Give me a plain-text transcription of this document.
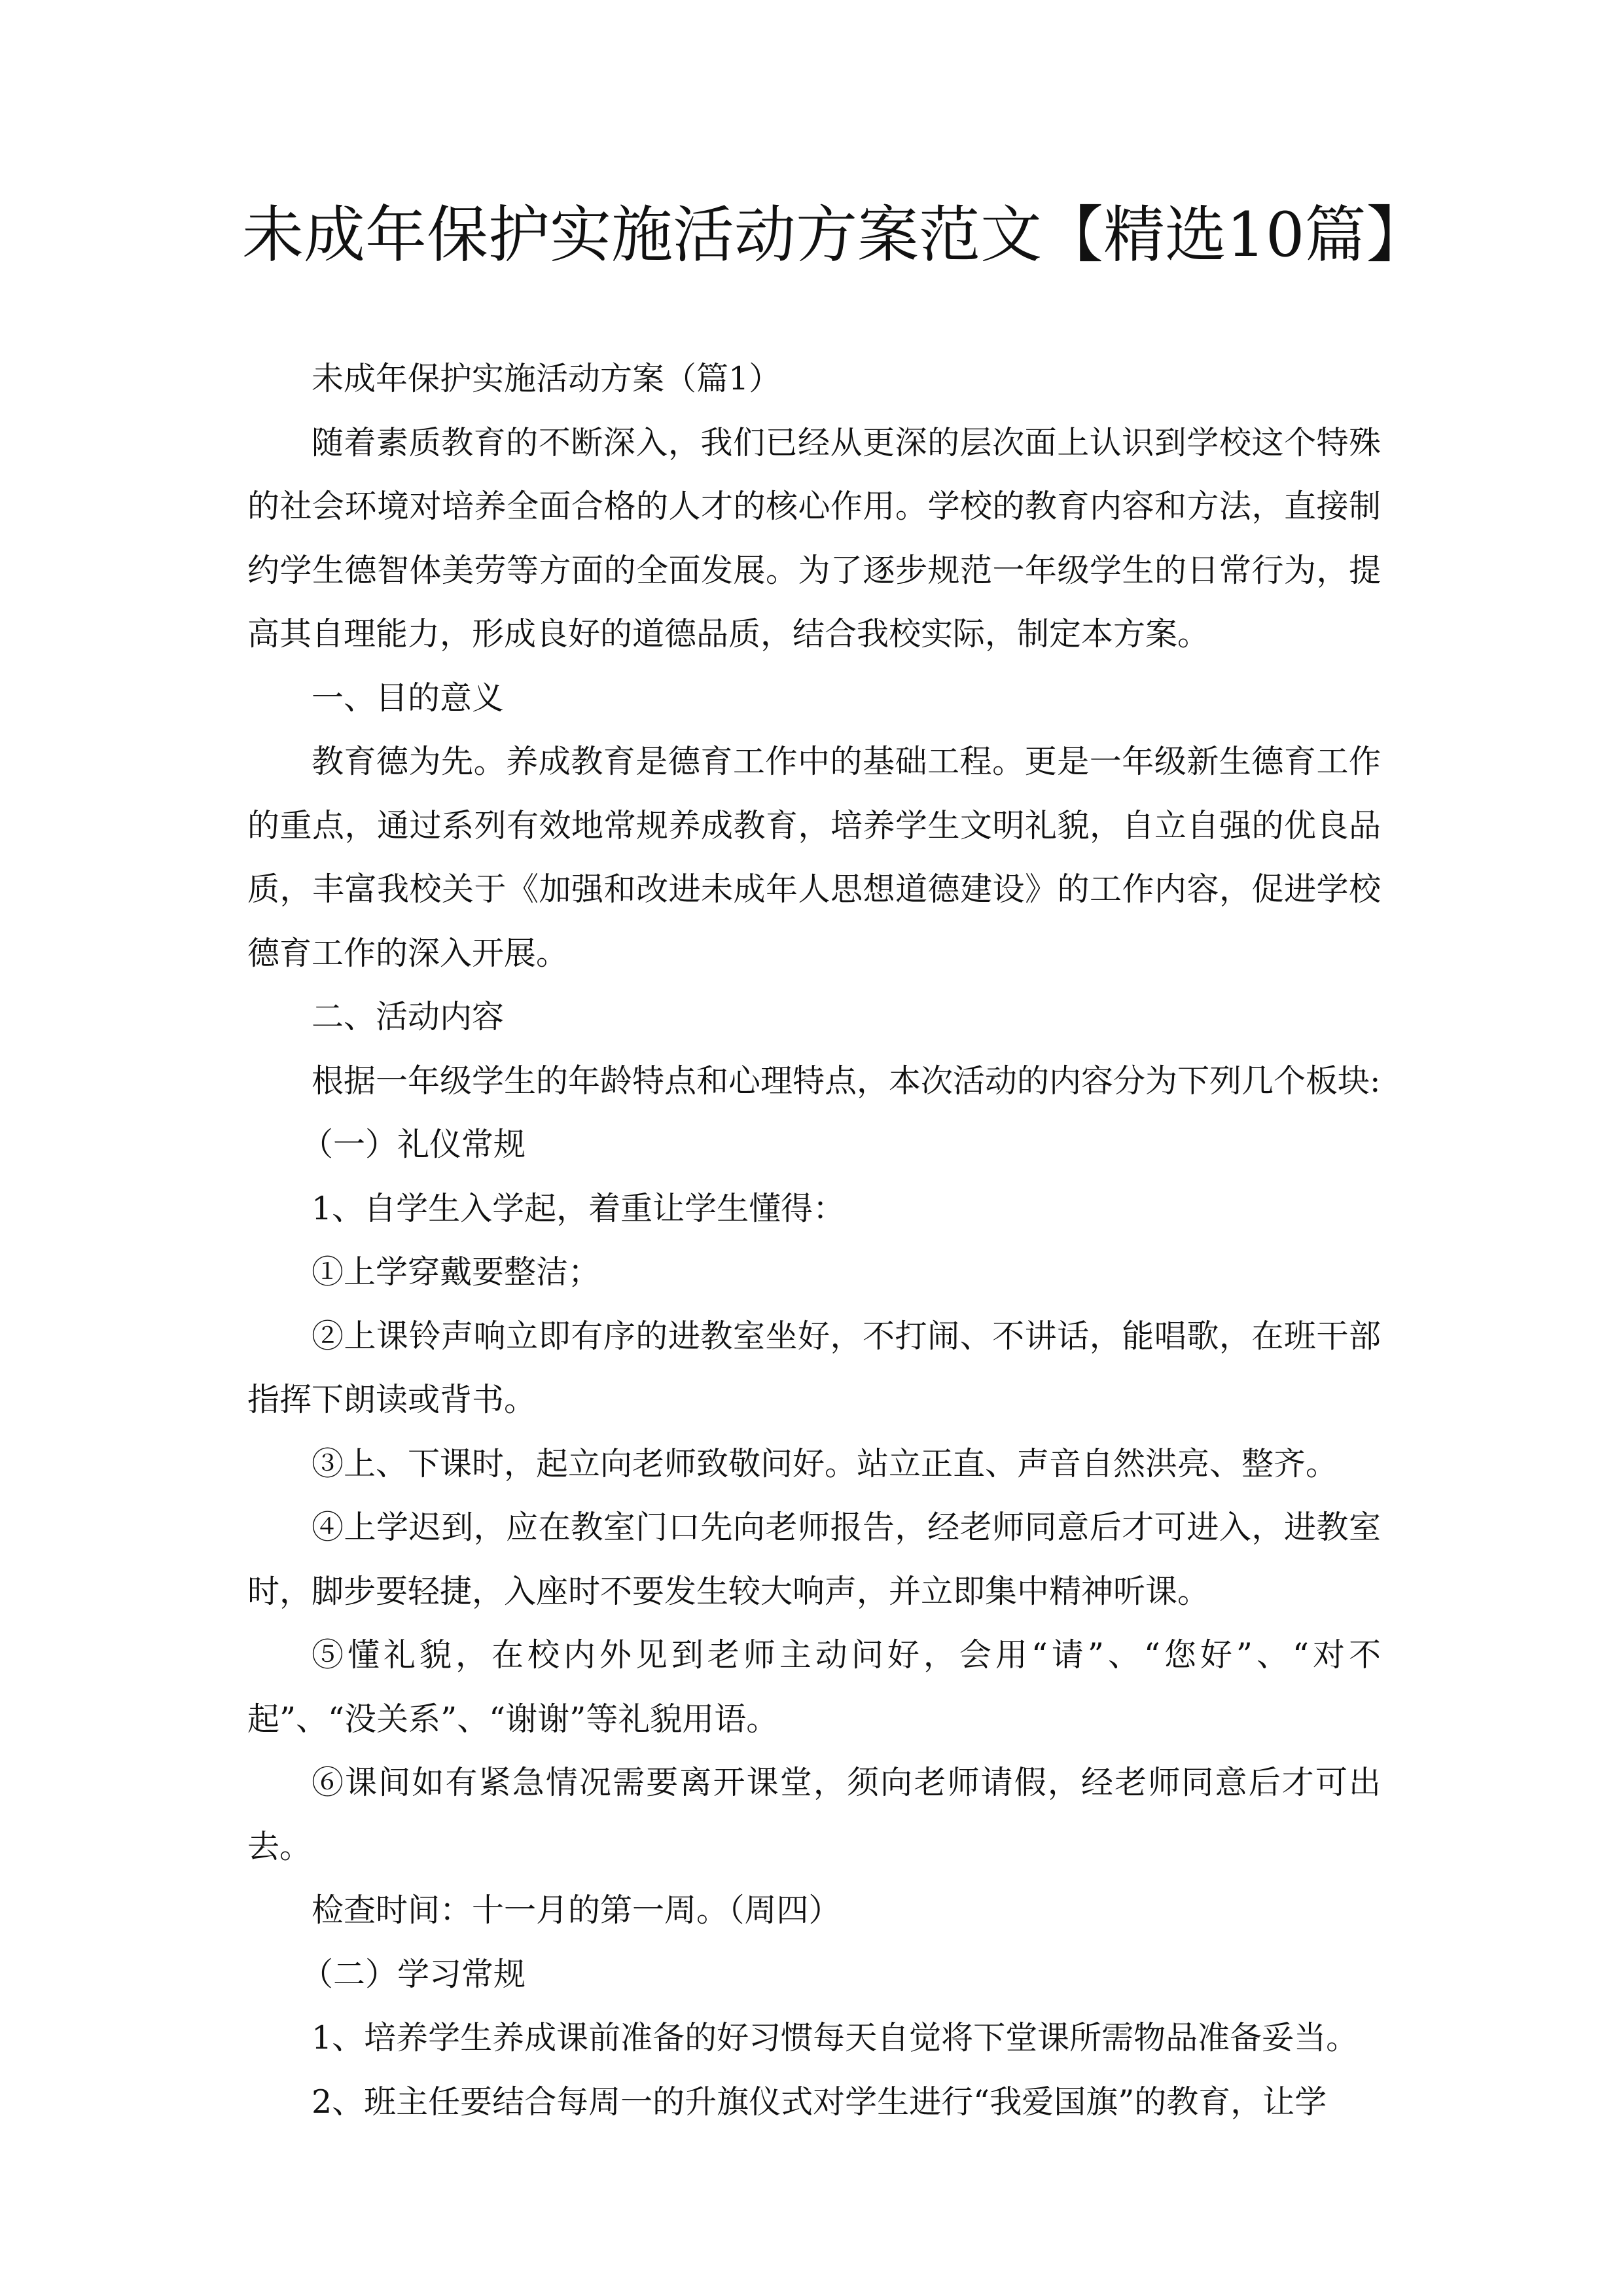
未成年保护实施活动方案范文【精选10篇】

未成年保护实施活动方案（篇1）

随着素质教育的不断深入，我们已经从更深的层次面上认识到学校这个特殊的社会环境对培养全面合格的人才的核心作用。学校的教育内容和方法，直接制约学生德智体美劳等方面的全面发展。为了逐步规范一年级学生的日常行为，提高其自理能力，形成良好的道德品质，结合我校实际，制定本方案。

一、目的意义

教育德为先。养成教育是德育工作中的基础工程。更是一年级新生德育工作的重点，通过系列有效地常规养成教育，培养学生文明礼貌，自立自强的优良品质，丰富我校关于《加强和改进未成年人思想道德建设》的工作内容，促进学校德育工作的深入开展。

二、活动内容

根据一年级学生的年龄特点和心理特点，本次活动的内容分为下列几个板块:

（一）礼仪常规

1、自学生入学起，着重让学生懂得：

①上学穿戴要整洁；

②上课铃声响立即有序的进教室坐好，不打闹、不讲话，能唱歌，在班干部指挥下朗读或背书。

③上、下课时，起立向老师致敬问好。站立正直、声音自然洪亮、整齐。

④上学迟到，应在教室门口先向老师报告，经老师同意后才可进入，进教室时，脚步要轻捷，入座时不要发生较大响声，并立即集中精神听课。

⑤懂礼貌，在校内外见到老师主动问好，会用“请”、“您好”、“对不起”、“没关系”、“谢谢”等礼貌用语。

⑥课间如有紧急情况需要离开课堂，须向老师请假，经老师同意后才可出去。

检查时间：十一月的第一周。（周四）

（二）学习常规

1、培养学生养成课前准备的好习惯每天自觉将下堂课所需物品准备妥当。

2、班主任要结合每周一的升旗仪式对学生进行“我爱国旗”的教育，让学
